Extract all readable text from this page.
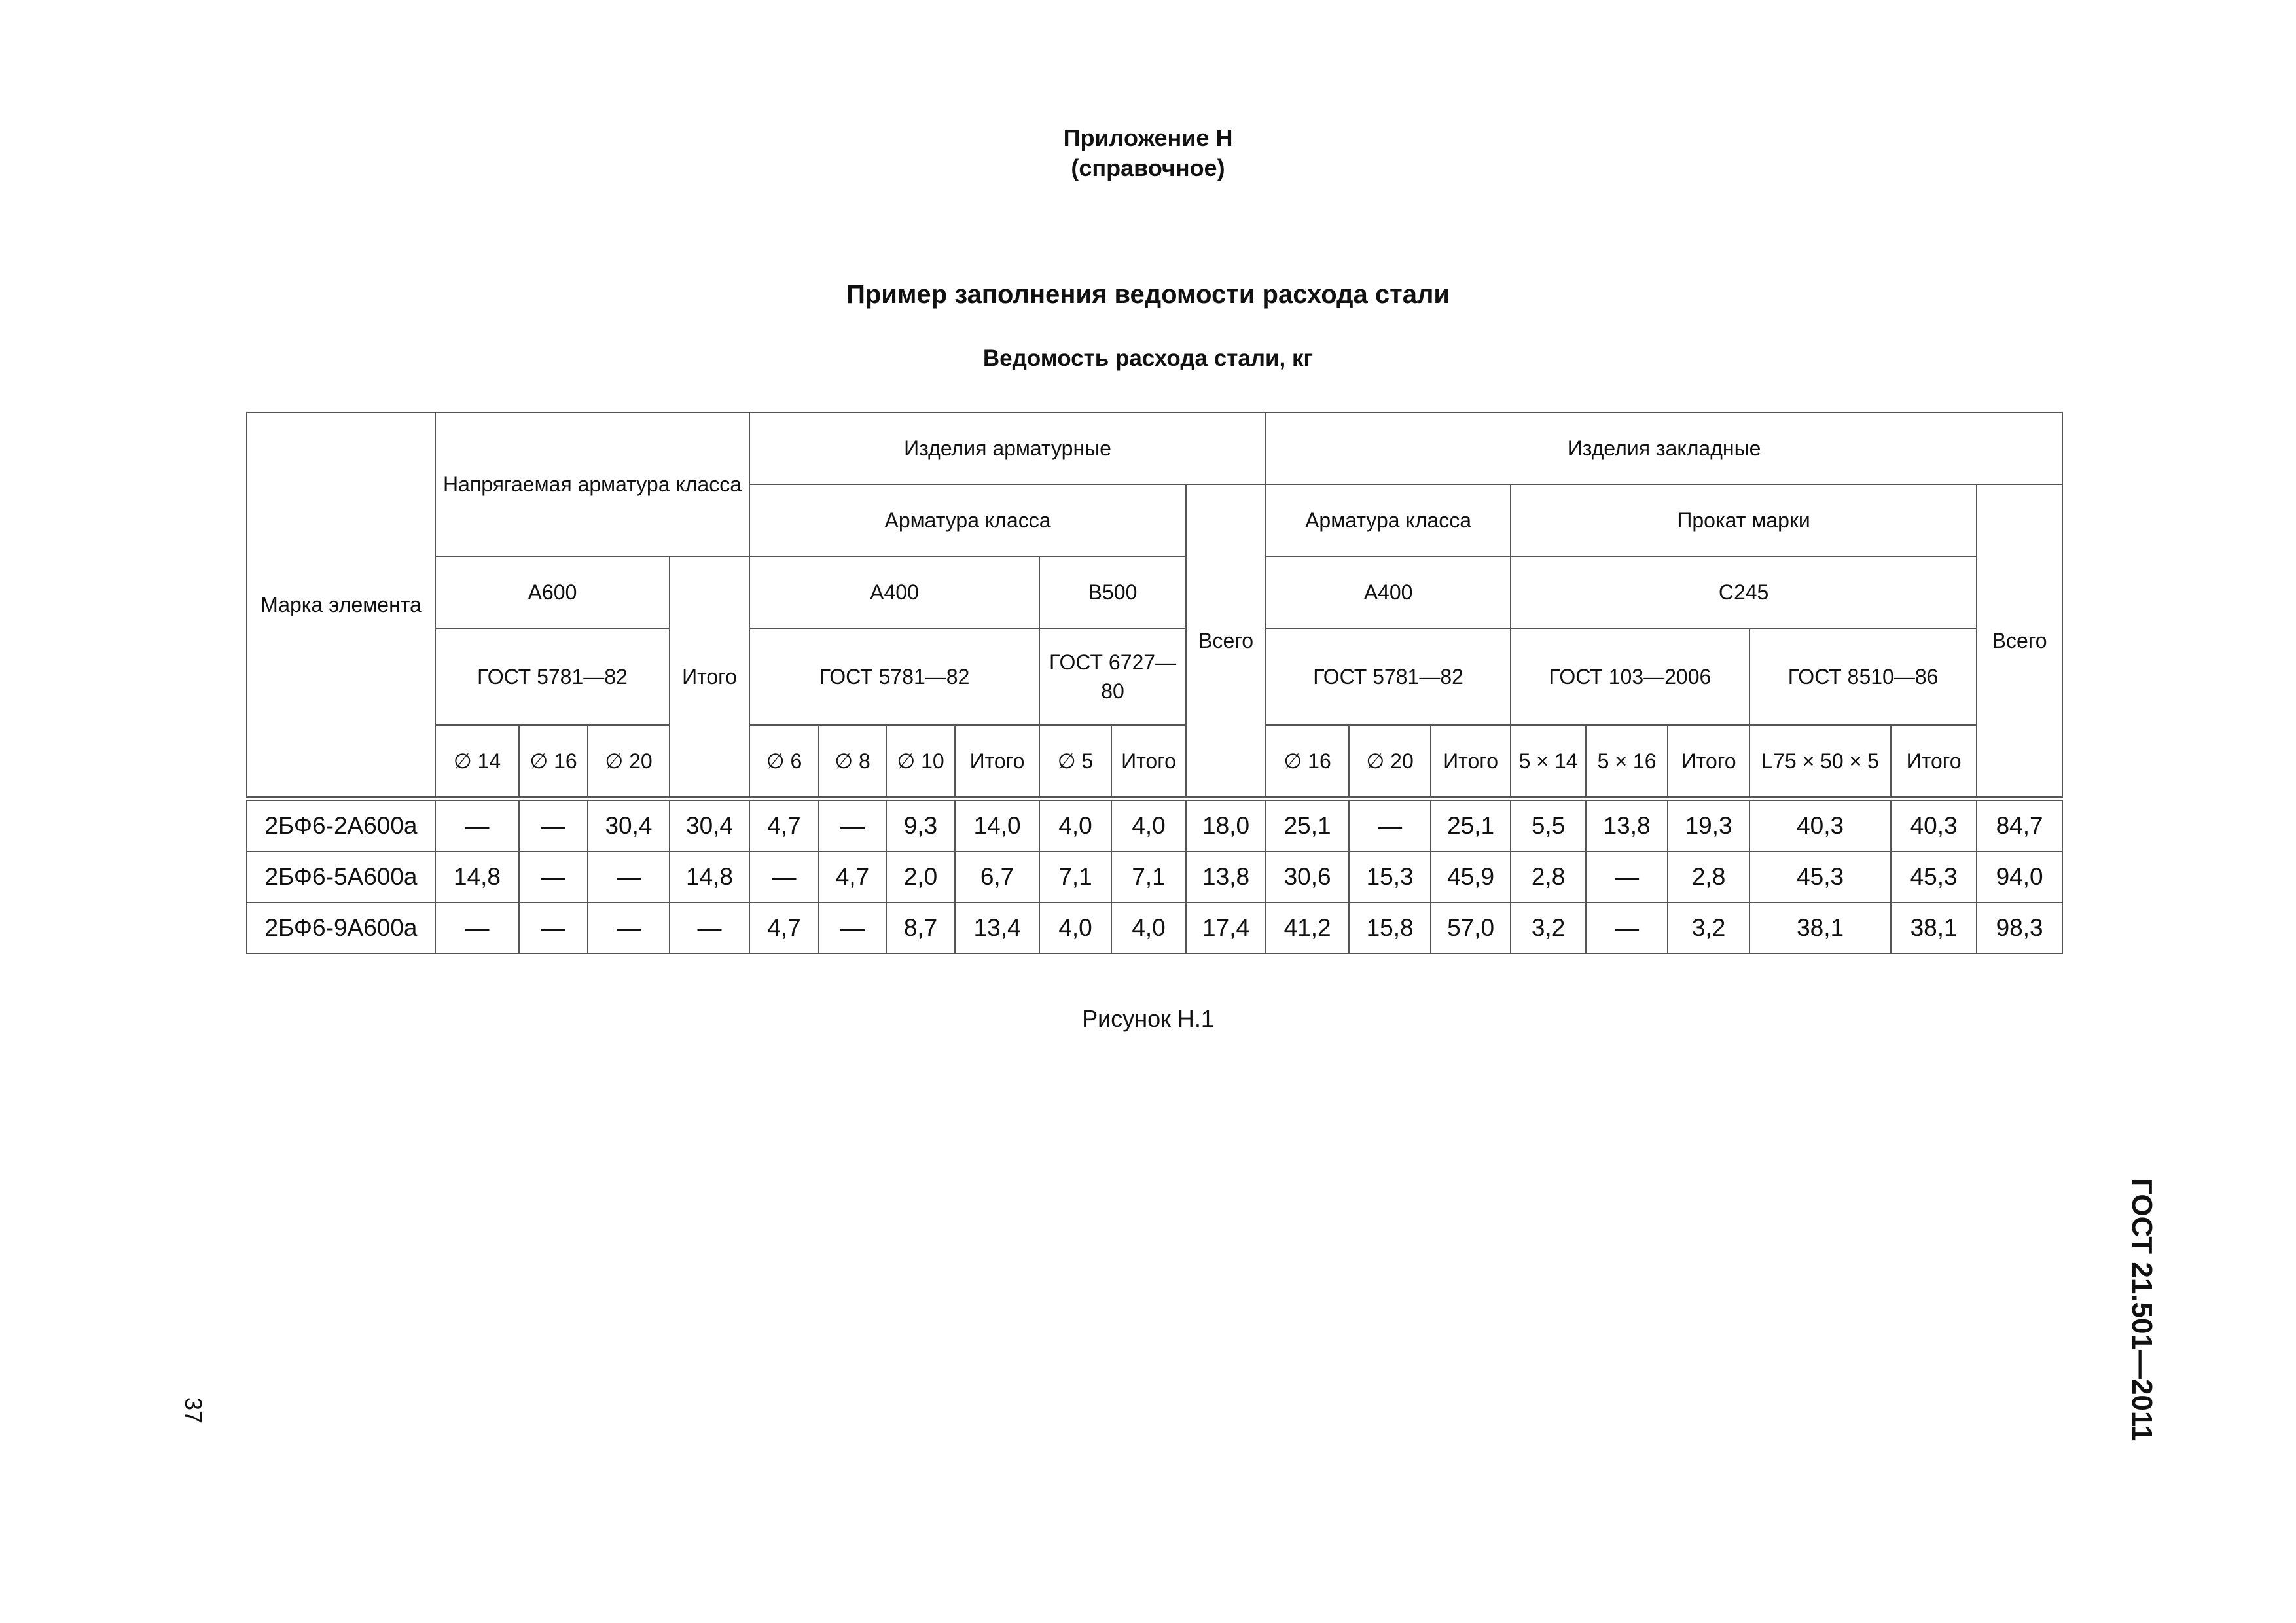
Приложение Н
(справочное)
Пример заполнения ведомости расхода стали
Ведомость расхода стали, кг
Марка элемента	Напрягаемая арматура класса				Изделия арматурные							Изделия закладные								
					Арматура класса						Всего	Арматура класса			Прокат марки					Всего
	А600			Итого	А400				В500			А400			С245					
	ГОСТ 5781—82				ГОСТ 5781—82				ГОСТ 6727—80			ГОСТ 5781—82			ГОСТ 103—2006			ГОСТ 8510—86		
	∅ 14	∅ 16	∅ 20		∅ 6	∅ 8	∅ 10	Итого	∅ 5	Итого		∅ 16	∅ 20	Итого	5 × 14	5 × 16	Итого	L75 × 50 × 5	Итого	
2БФ6-2А600а	—	—	30,4	30,4	4,7	—	9,3	14,0	4,0	4,0	18,0	25,1	—	25,1	5,5	13,8	19,3	40,3	40,3	84,7
2БФ6-5А600а	14,8	—	—	14,8	—	4,7	2,0	6,7	7,1	7,1	13,8	30,6	15,3	45,9	2,8	—	2,8	45,3	45,3	94,0
2БФ6-9А600а	—	—	—	—	4,7	—	8,7	13,4	4,0	4,0	17,4	41,2	15,8	57,0	3,2	—	3,2	38,1	38,1	98,3
Рисунок Н.1
ГОСТ 21.501—2011
37
